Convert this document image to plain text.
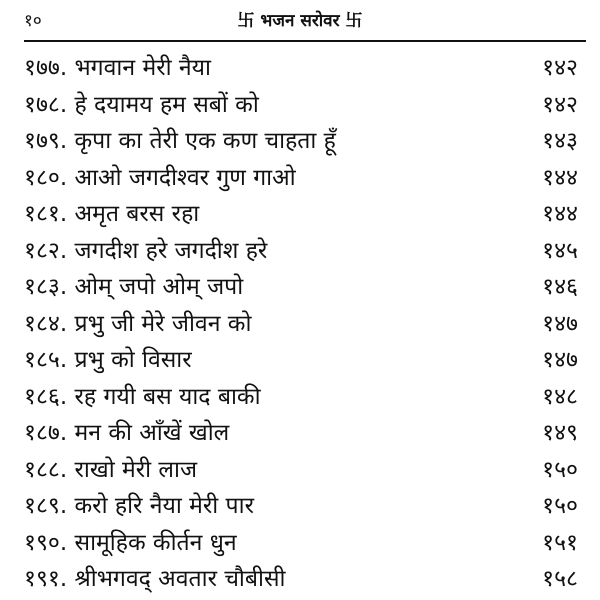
१०	卐 भजन सरोवर 卐
१७७. भगवान मेरी नैया	१४२
१७८. हे दयामय हम सबों को	१४२
१७९. कृपा का तेरी एक कण चाहता हूँ	१४३
१८०. आओ जगदीश्वर गुण गाओ	१४४
१८१. अमृत बरस रहा	१४४
१८२. जगदीश हरे जगदीश हरे	१४५
१८३. ओम् जपो ओम् जपो	१४६
१८४. प्रभु जी मेरे जीवन को	१४७
१८५. प्रभु को विसार	१४७
१८६. रह गयी बस याद बाकी	१४८
१८७. मन की आँखें खोल	१४९
१८८. राखो मेरी लाज	१५०
१८९. करो हरि नैया मेरी पार	१५०
१९०. सामूहिक कीर्तन धुन	१५१
१९१. श्रीभगवद् अवतार चौबीसी	१५८
